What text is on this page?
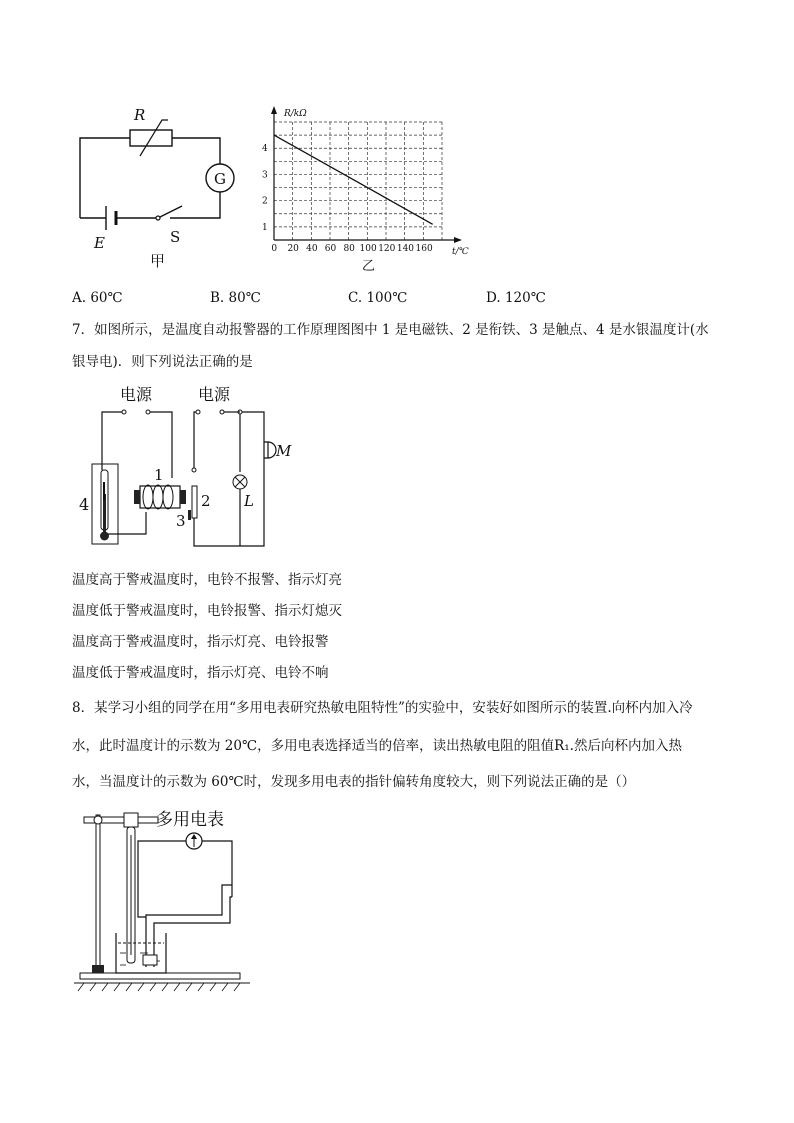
R
G
E	S
甲
R/kΩ
t/℃
0 20 40 60 80 100 120 140 160
1
2
3
4
乙
A. 60℃	B. 80℃	C. 100℃	D. 120℃
7．如图所示，是温度自动报警器的工作原理图图中 1 是电磁铁、2 是衔铁、3 是触点、4 是水银温度计(水
银导电)．则下列说法正确的是
电源	电源
4
1
2
3
L
M
温度高于警戒温度时，电铃不报警、指示灯亮
温度低于警戒温度时，电铃报警、指示灯熄灭
温度高于警戒温度时，指示灯亮、电铃报警
温度低于警戒温度时，指示灯亮、电铃不响
8．某学习小组的同学在用“多用电表研究热敏电阻特性”的实验中，安装好如图所示的装置.向杯内加入冷
水，此时温度计的示数为 20℃，多用电表选择适当的倍率，读出热敏电阻的阻值R₁.然后向杯内加入热
水，当温度计的示数为 60℃时，发现多用电表的指针偏转角度较大，则下列说法正确的是（）
多用电表
